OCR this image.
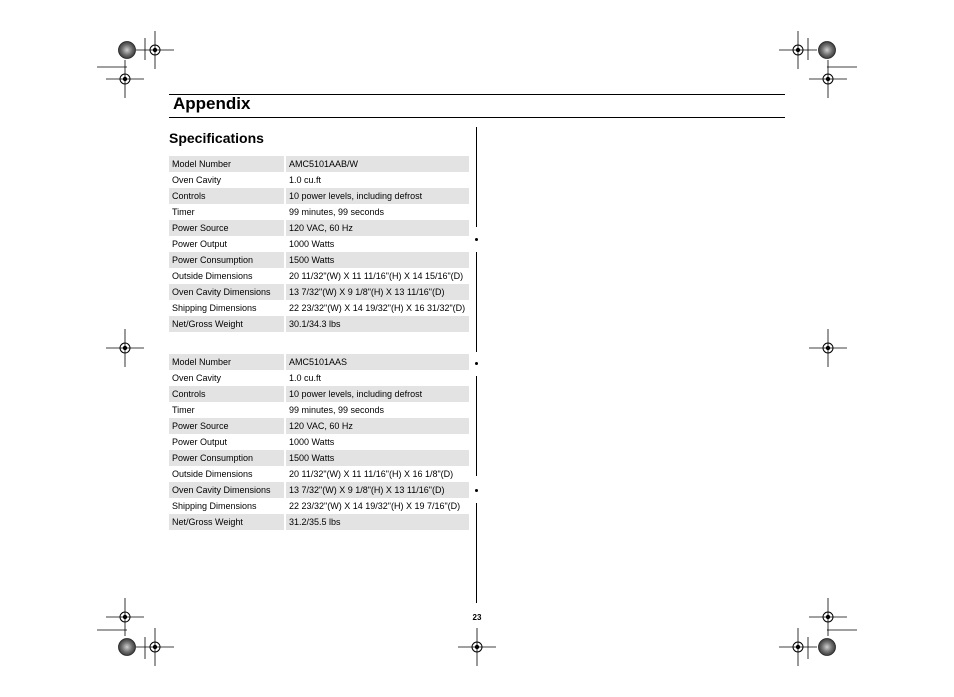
Appendix
Specifications
Model Number	AMC5101AAB/W
Oven Cavity	1.0 cu.ft
Controls	10 power levels, including defrost
Timer	99 minutes, 99 seconds
Power Source	120 VAC, 60 Hz
Power Output	1000 Watts
Power Consumption	1500 Watts
Outside Dimensions	20 11/32"(W) X 11 11/16"(H) X 14 15/16"(D)
Oven Cavity Dimensions	13 7/32"(W) X 9 1/8"(H) X 13 11/16"(D)
Shipping Dimensions	22 23/32"(W) X 14 19/32"(H) X 16 31/32"(D)
Net/Gross Weight	30.1/34.3 lbs
Model Number	AMC5101AAS
Oven Cavity	1.0 cu.ft
Controls	10 power levels, including defrost
Timer	99 minutes, 99 seconds
Power Source	120 VAC, 60 Hz
Power Output	1000 Watts
Power Consumption	1500 Watts
Outside Dimensions	20 11/32"(W) X 11 11/16"(H) X 16 1/8"(D)
Oven Cavity Dimensions	13 7/32"(W) X 9 1/8"(H) X 13 11/16"(D)
Shipping Dimensions	22 23/32"(W) X 14 19/32"(H) X 19 7/16"(D)
Net/Gross Weight	31.2/35.5 lbs
23
